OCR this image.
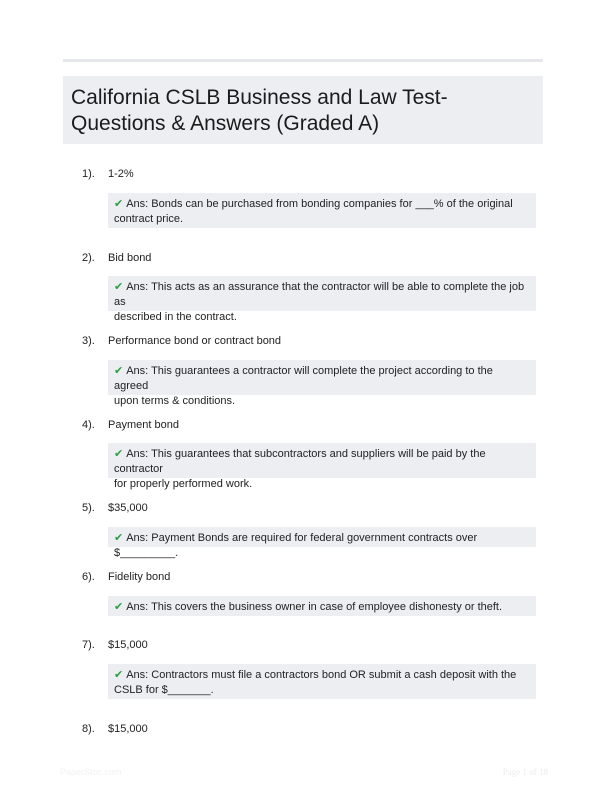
California CSLB Business and Law Test-
Questions & Answers (Graded A)
1). 1-2%
✔ Ans: Bonds can be purchased from bonding companies for ___% of the original
contract price.
2). Bid bond
✔ Ans: This acts as an assurance that the contractor will be able to complete the job as
described in the contract.
3). Performance bond or contract bond
✔ Ans: This guarantees a contractor will complete the project according to the agreed
upon terms & conditions.
4). Payment bond
✔ Ans: This guarantees that subcontractors and suppliers will be paid by the contractor
for properly performed work.
5). $35,000
✔ Ans: Payment Bonds are required for federal government contracts over $_________.
6). Fidelity bond
✔ Ans: This covers the business owner in case of employee dishonesty or theft.
7). $15,000
✔ Ans: Contractors must file a contractors bond OR submit a cash deposit with the
CSLB for $_______.
8). $15,000
PaperStoc.com	Page 1 of 18
